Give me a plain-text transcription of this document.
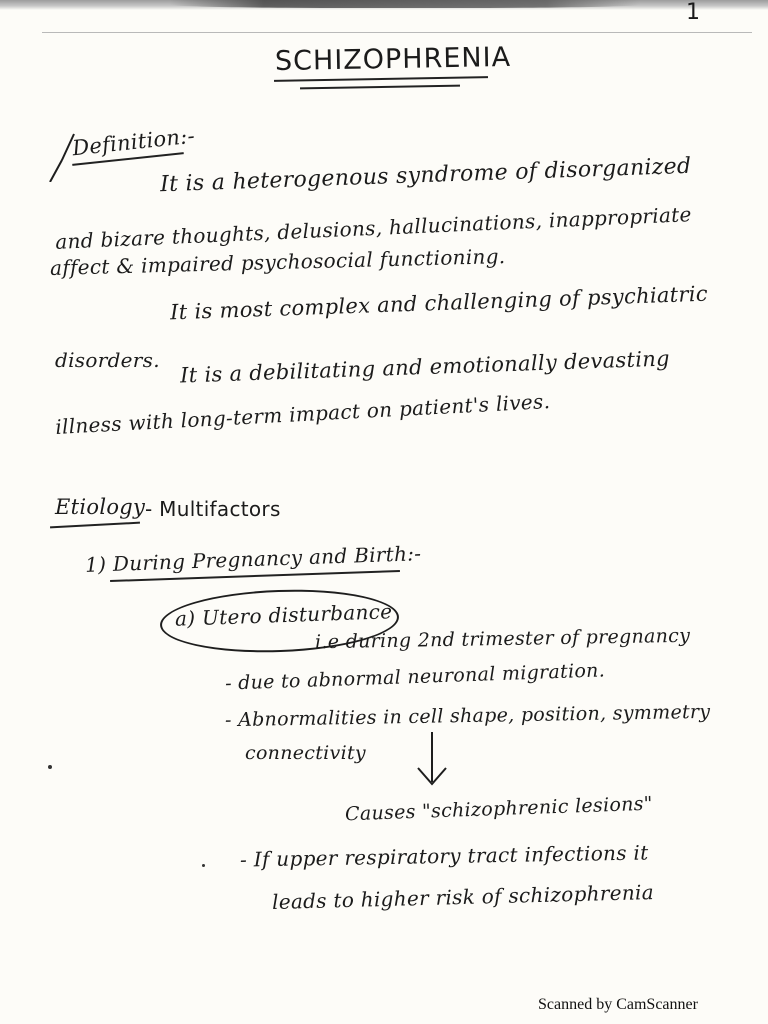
1
SCHIZOPHRENIA
Definition:-
It is a heterogenous syndrome of disorganized
and bizare thoughts, delusions, hallucinations, inappropriate
affect & impaired psychosocial functioning.
It is most complex and challenging of psychiatric
disorders. It is a debilitating and emotionally devasting
illness with long-term impact on patient's lives.
Etiology - Multifactors
1) During Pregnancy and Birth:-
a) Utero disturbance
i.e during 2nd trimester of pregnancy
- due to abnormal neuronal migration.
- Abnormalities in cell shape, position, symmetry
connectivity
Causes "schizophrenic lesions"
- If upper respiratory tract infections it
leads to higher risk of schizophrenia
Scanned by CamScanner
